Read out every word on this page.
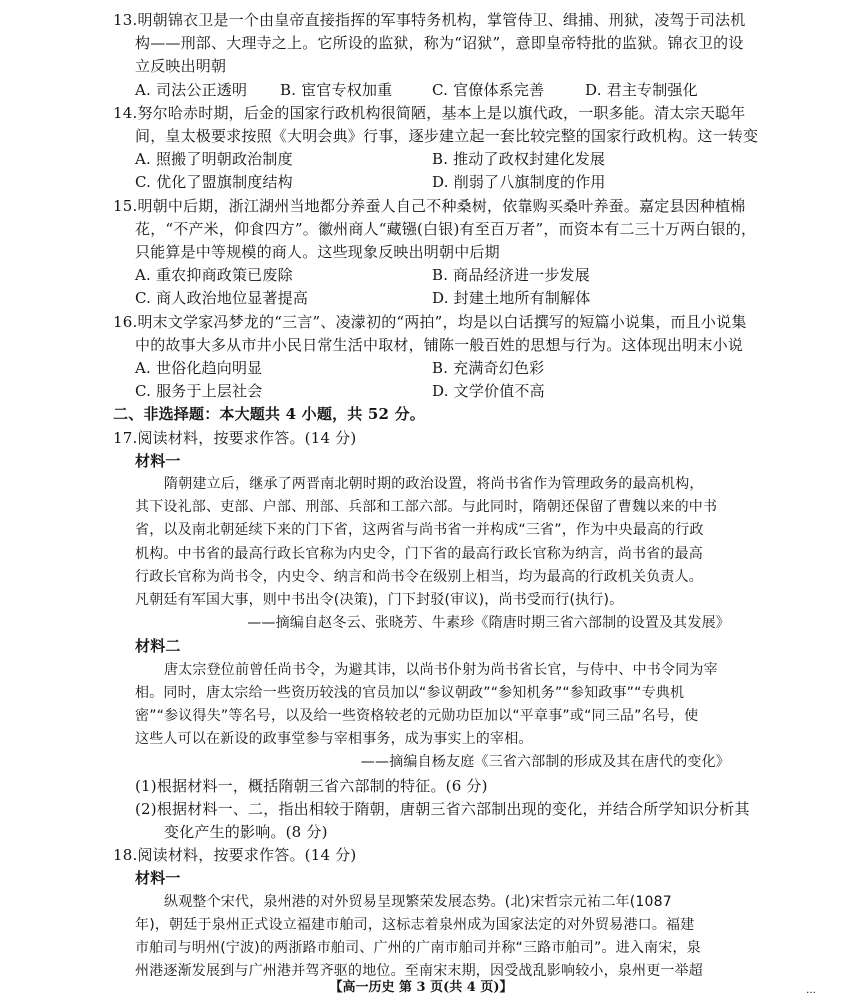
13.明朝锦衣卫是一个由皇帝直接指挥的军事特务机构，掌管侍卫、缉捕、刑狱，凌驾于司法机
构——刑部、大理寺之上。它所设的监狱，称为“诏狱”，意即皇帝特批的监狱。锦衣卫的设
立反映出明朝
A. 司法公正透明 B. 宦官专权加重	C. 官僚体系完善	D. 君主专制强化
14.努尔哈赤时期，后金的国家行政机构很简陋，基本上是以旗代政，一职多能。清太宗天聪年
间，皇太极要求按照《大明会典》行事，逐步建立起一套比较完整的国家行政机构。这一转变
A. 照搬了明朝政治制度	B. 推动了政权封建化发展
C. 优化了盟旗制度结构	D. 削弱了八旗制度的作用
15.明朝中后期，浙江湖州当地都分养蚕人自己不种桑树，依靠购买桑叶养蚕。嘉定县因种植棉
花，“不产米，仰食四方”。徽州商人“藏镪(白银)有至百万者”，而资本有二三十万两白银的，
只能算是中等规模的商人。这些现象反映出明朝中后期
A. 重农抑商政策已废除	B. 商品经济进一步发展
C. 商人政治地位显著提高	D. 封建土地所有制解体
16.明末文学家冯梦龙的“三言”、凌濛初的“两拍”，均是以白话撰写的短篇小说集，而且小说集
中的故事大多从市井小民日常生活中取材，铺陈一般百姓的思想与行为。这体现出明末小说
A. 世俗化趋向明显	B. 充满奇幻色彩
C. 服务于上层社会	D. 文学价值不高
二、非选择题：本大题共 4 小题，共 52 分。
17.阅读材料，按要求作答。(14 分)
材料一
隋朝建立后，继承了两晋南北朝时期的政治设置，将尚书省作为管理政务的最高机构，
其下设礼部、吏部、户部、刑部、兵部和工部六部。与此同时，隋朝还保留了曹魏以来的中书
省，以及南北朝延续下来的门下省，这两省与尚书省一并构成“三省”，作为中央最高的行政
机构。中书省的最高行政长官称为内史令，门下省的最高行政长官称为纳言，尚书省的最高
行政长官称为尚书令，内史令、纳言和尚书令在级别上相当，均为最高的行政机关负责人。
凡朝廷有军国大事，则中书出令(决策)，门下封驳(审议)，尚书受而行(执行)。
——摘编自赵冬云、张晓芳、牛素珍《隋唐时期三省六部制的设置及其发展》
材料二
唐太宗登位前曾任尚书令，为避其讳，以尚书仆射为尚书省长官，与侍中、中书令同为宰
相。同时，唐太宗给一些资历较浅的官员加以“参议朝政”“参知机务”“参知政事”“专典机
密”“参议得失”等名号，以及给一些资格较老的元勋功臣加以“平章事”或“同三品”名号，使
这些人可以在新设的政事堂参与宰相事务，成为事实上的宰相。
——摘编自杨友庭《三省六部制的形成及其在唐代的变化》
(1)根据材料一，概括隋朝三省六部制的特征。(6 分)
【高一历史 第 3 页(共 4 页)】	…
(2)根据材料一、二，指出相较于隋朝，唐朝三省六部制出现的变化，并结合所学知识分析其
变化产生的影响。(8 分)
18.阅读材料，按要求作答。(14 分)
材料一
纵观整个宋代，泉州港的对外贸易呈现繁荣发展态势。(北)宋哲宗元祐二年(1087
年)，朝廷于泉州正式设立福建市舶司，这标志着泉州成为国家法定的对外贸易港口。福建
市舶司与明州(宁波)的两浙路市舶司、广州的广南市舶司并称“三路市舶司”。进入南宋，泉
州港逐渐发展到与广州港并驾齐驱的地位。至南宋末期，因受战乱影响较小，泉州更一举超
